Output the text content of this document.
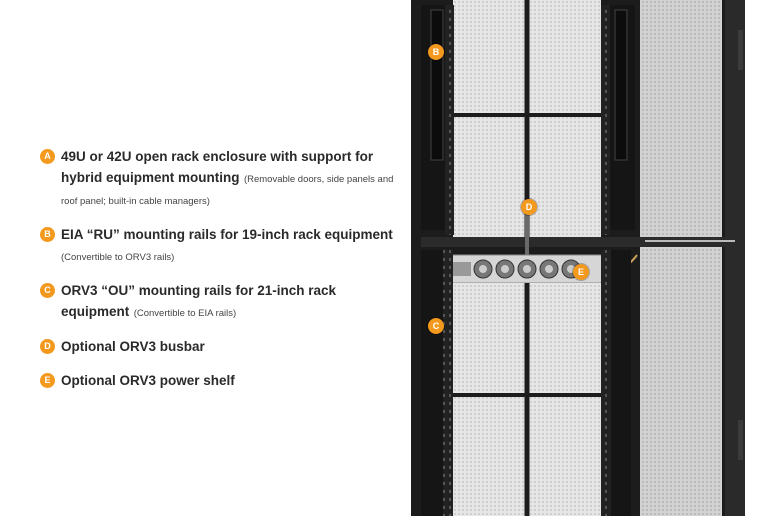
A 49U or 42U open rack enclosure with support for hybrid equipment mounting (Removable doors, side panels and roof panel; built-in cable managers)
B EIA “RU” mounting rails for 19-inch rack equipment (Convertible to ORV3 rails)
C ORV3 “OU” mounting rails for 21-inch rack equipment (Convertible to EIA rails)
D Optional ORV3 busbar
E Optional ORV3 power shelf
B
D
E
C
